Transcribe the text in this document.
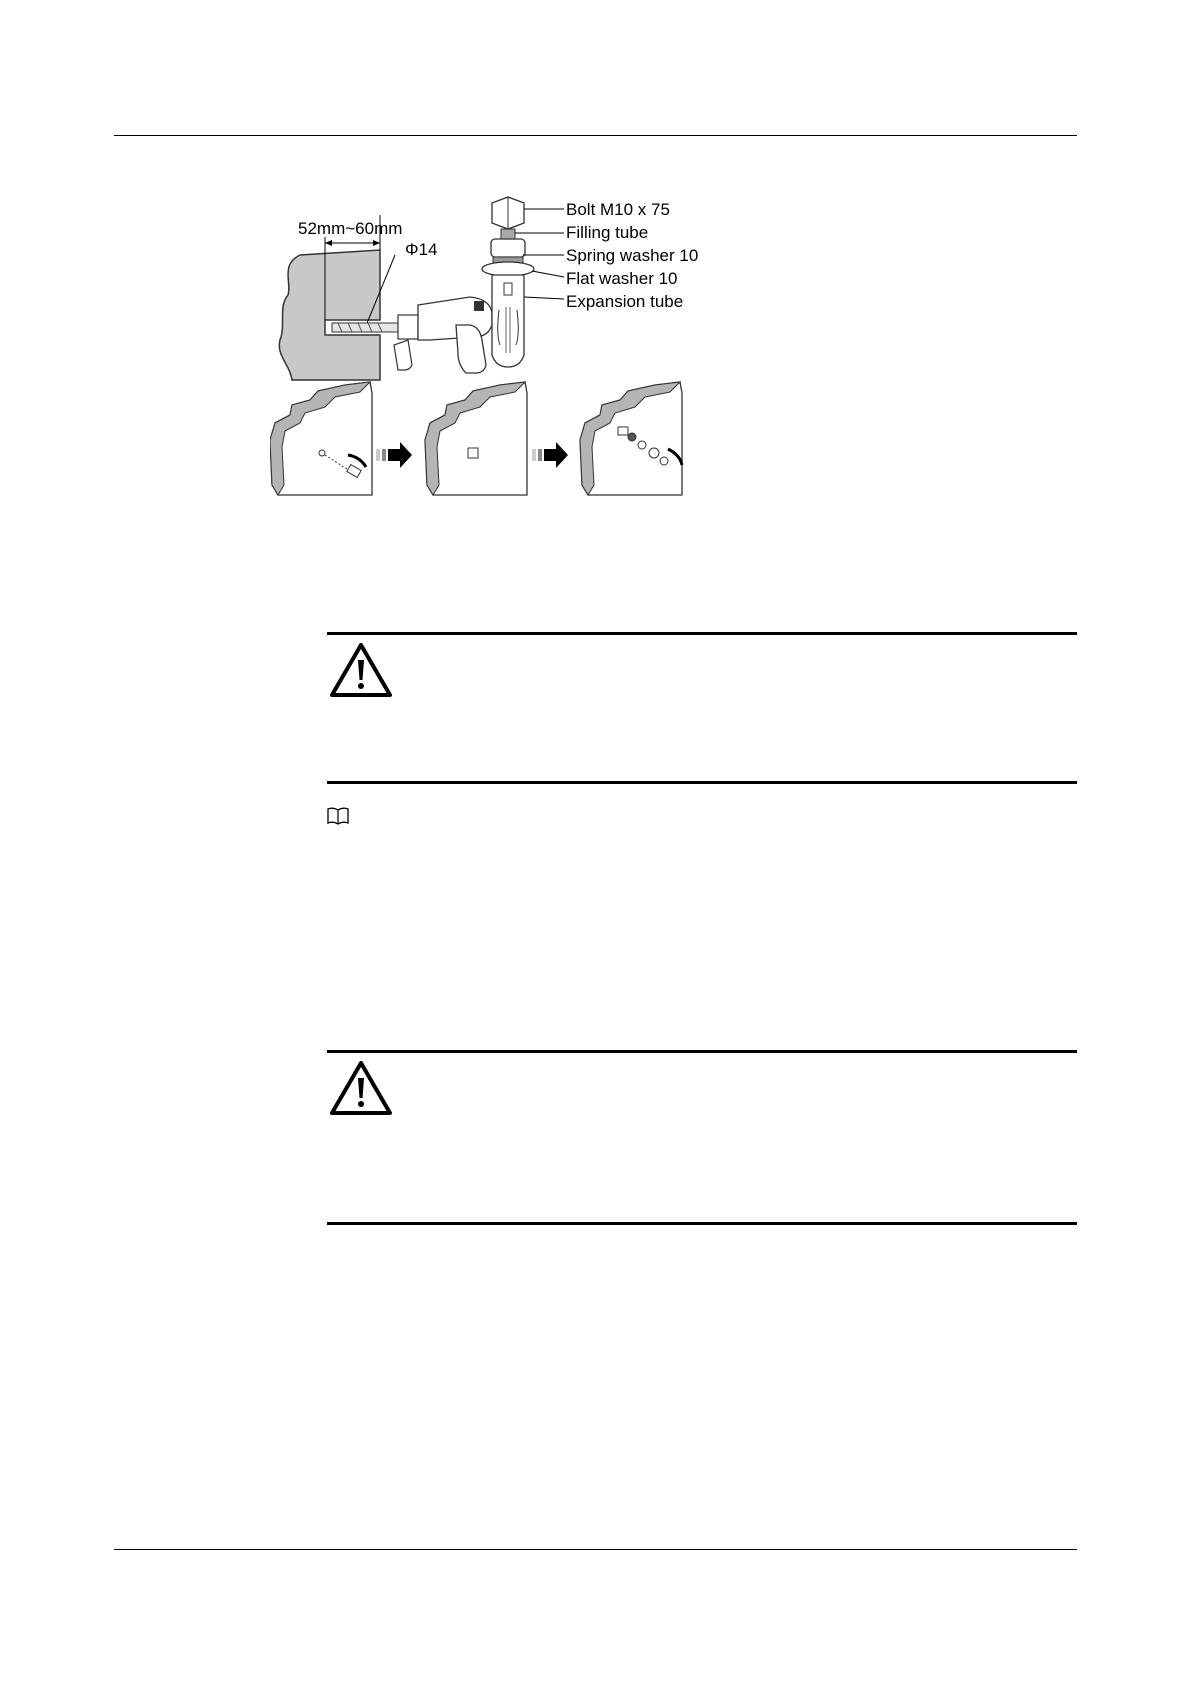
52mm~60mm
Φ14
Bolt M10 x 75
Filling tube
Spring washer 10
Flat washer 10
Expansion tube
